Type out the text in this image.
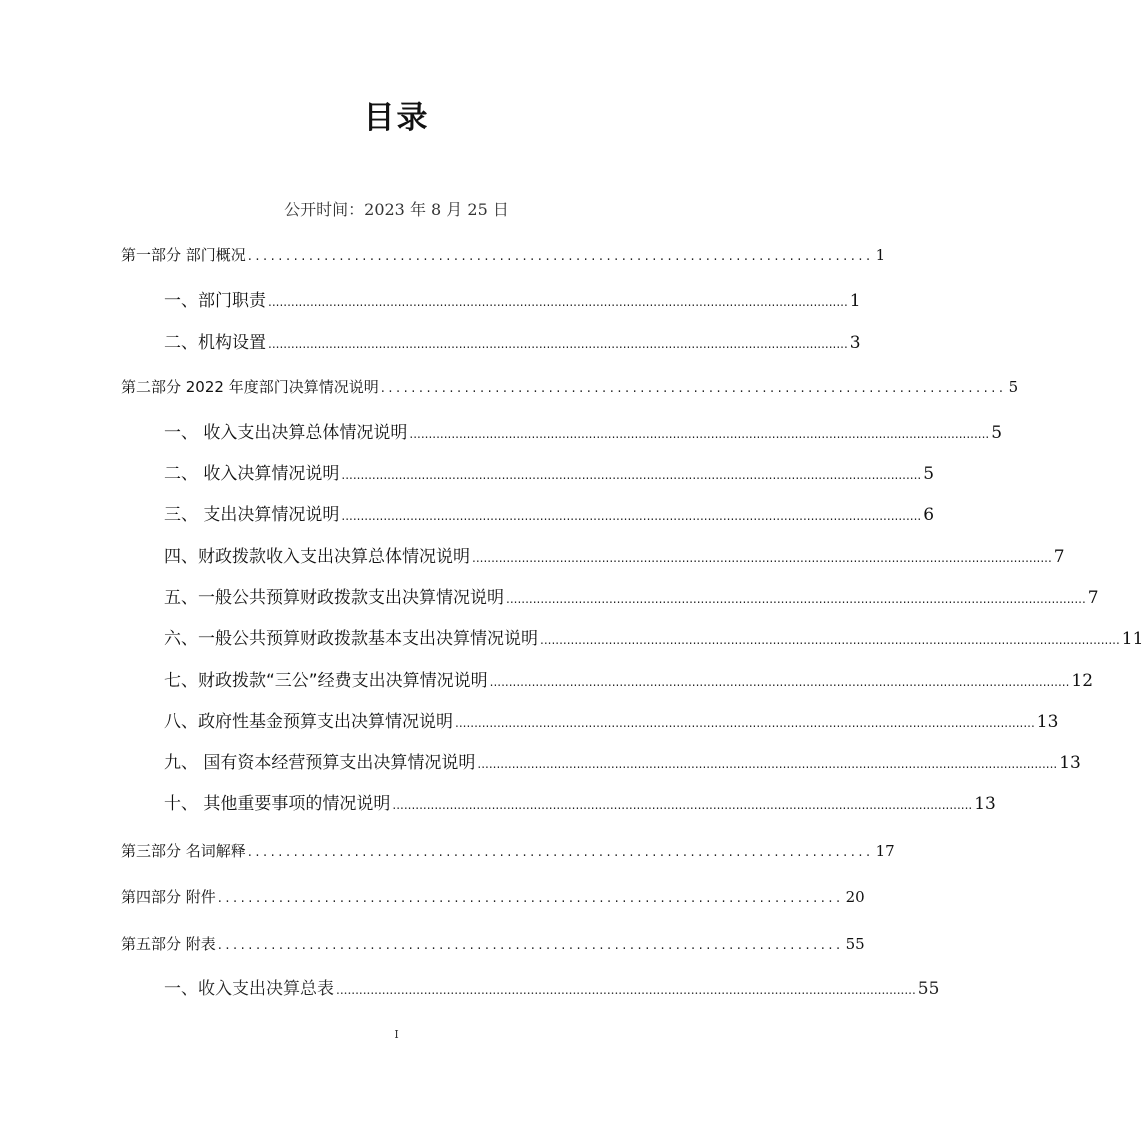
目录
公开时间：2023 年 8 月 25 日
第一部分 部门概况 .................................................................................. 1
一、部门职责 ........................................................................................................................................................ 1
二、机构设置 ........................................................................................................................................................ 3
第二部分 2022 年度部门决算情况说明 .................................................................................. 5
一、 收入支出决算总体情况说明 ........................................................................................................................................................ 5
二、 收入决算情况说明 ........................................................................................................................................................ 5
三、 支出决算情况说明 ........................................................................................................................................................ 6
四、财政拨款收入支出决算总体情况说明 ........................................................................................................................................................ 7
五、一般公共预算财政拨款支出决算情况说明 ........................................................................................................................................................ 7
六、一般公共预算财政拨款基本支出决算情况说明 ........................................................................................................................................................ 11
七、财政拨款“三公”经费支出决算情况说明 ........................................................................................................................................................ 12
八、政府性基金预算支出决算情况说明 ........................................................................................................................................................ 13
九、 国有资本经营预算支出决算情况说明 ........................................................................................................................................................ 13
十、 其他重要事项的情况说明 ........................................................................................................................................................ 13
第三部分 名词解释 .................................................................................. 17
第四部分 附件 .................................................................................. 20
第五部分 附表 .................................................................................. 55
一、收入支出决算总表 ........................................................................................................................................................ 55
I
